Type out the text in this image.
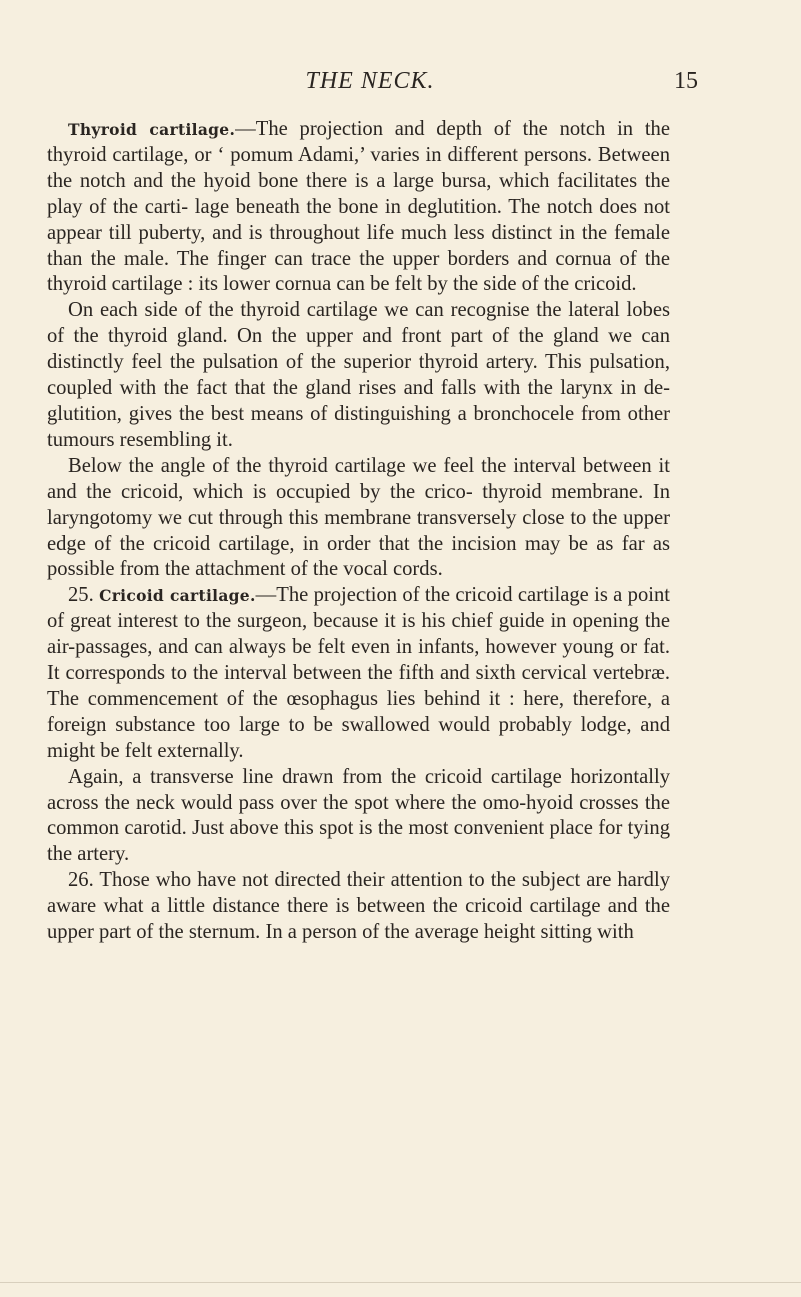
THE NECK.	15

Thyroid cartilage.—The projection and depth of the notch in the thyroid cartilage, or ‘ pomum Adami,’ varies in different persons. Between the notch and the hyoid bone there is a large bursa, which facilitates the play of the carti- lage beneath the bone in deglutition. The notch does not appear till puberty, and is throughout life much less distinct in the female than the male. The finger can trace the upper borders and cornua of the thyroid cartilage : its lower cornua can be felt by the side of the cricoid.

On each side of the thyroid cartilage we can recognise the lateral lobes of the thyroid gland. On the upper and front part of the gland we can distinctly feel the pulsation of the superior thyroid artery. This pulsation, coupled with the fact that the gland rises and falls with the larynx in de- glutition, gives the best means of distinguishing a bronchocele from other tumours resembling it.

Below the angle of the thyroid cartilage we feel the interval between it and the cricoid, which is occupied by the crico- thyroid membrane. In laryngotomy we cut through this membrane transversely close to the upper edge of the cricoid cartilage, in order that the incision may be as far as possible from the attachment of the vocal cords.

25. Cricoid cartilage.—The projection of the cricoid cartilage is a point of great interest to the surgeon, because it is his chief guide in opening the air-passages, and can always be felt even in infants, however young or fat. It corresponds to the interval between the fifth and sixth cervical vertebræ. The commencement of the œsophagus lies behind it : here, therefore, a foreign substance too large to be swallowed would probably lodge, and might be felt externally.

Again, a transverse line drawn from the cricoid cartilage horizontally across the neck would pass over the spot where the omo-hyoid crosses the common carotid. Just above this spot is the most convenient place for tying the artery.

26. Those who have not directed their attention to the subject are hardly aware what a little distance there is between the cricoid cartilage and the upper part of the sternum. In a person of the average height sitting with
